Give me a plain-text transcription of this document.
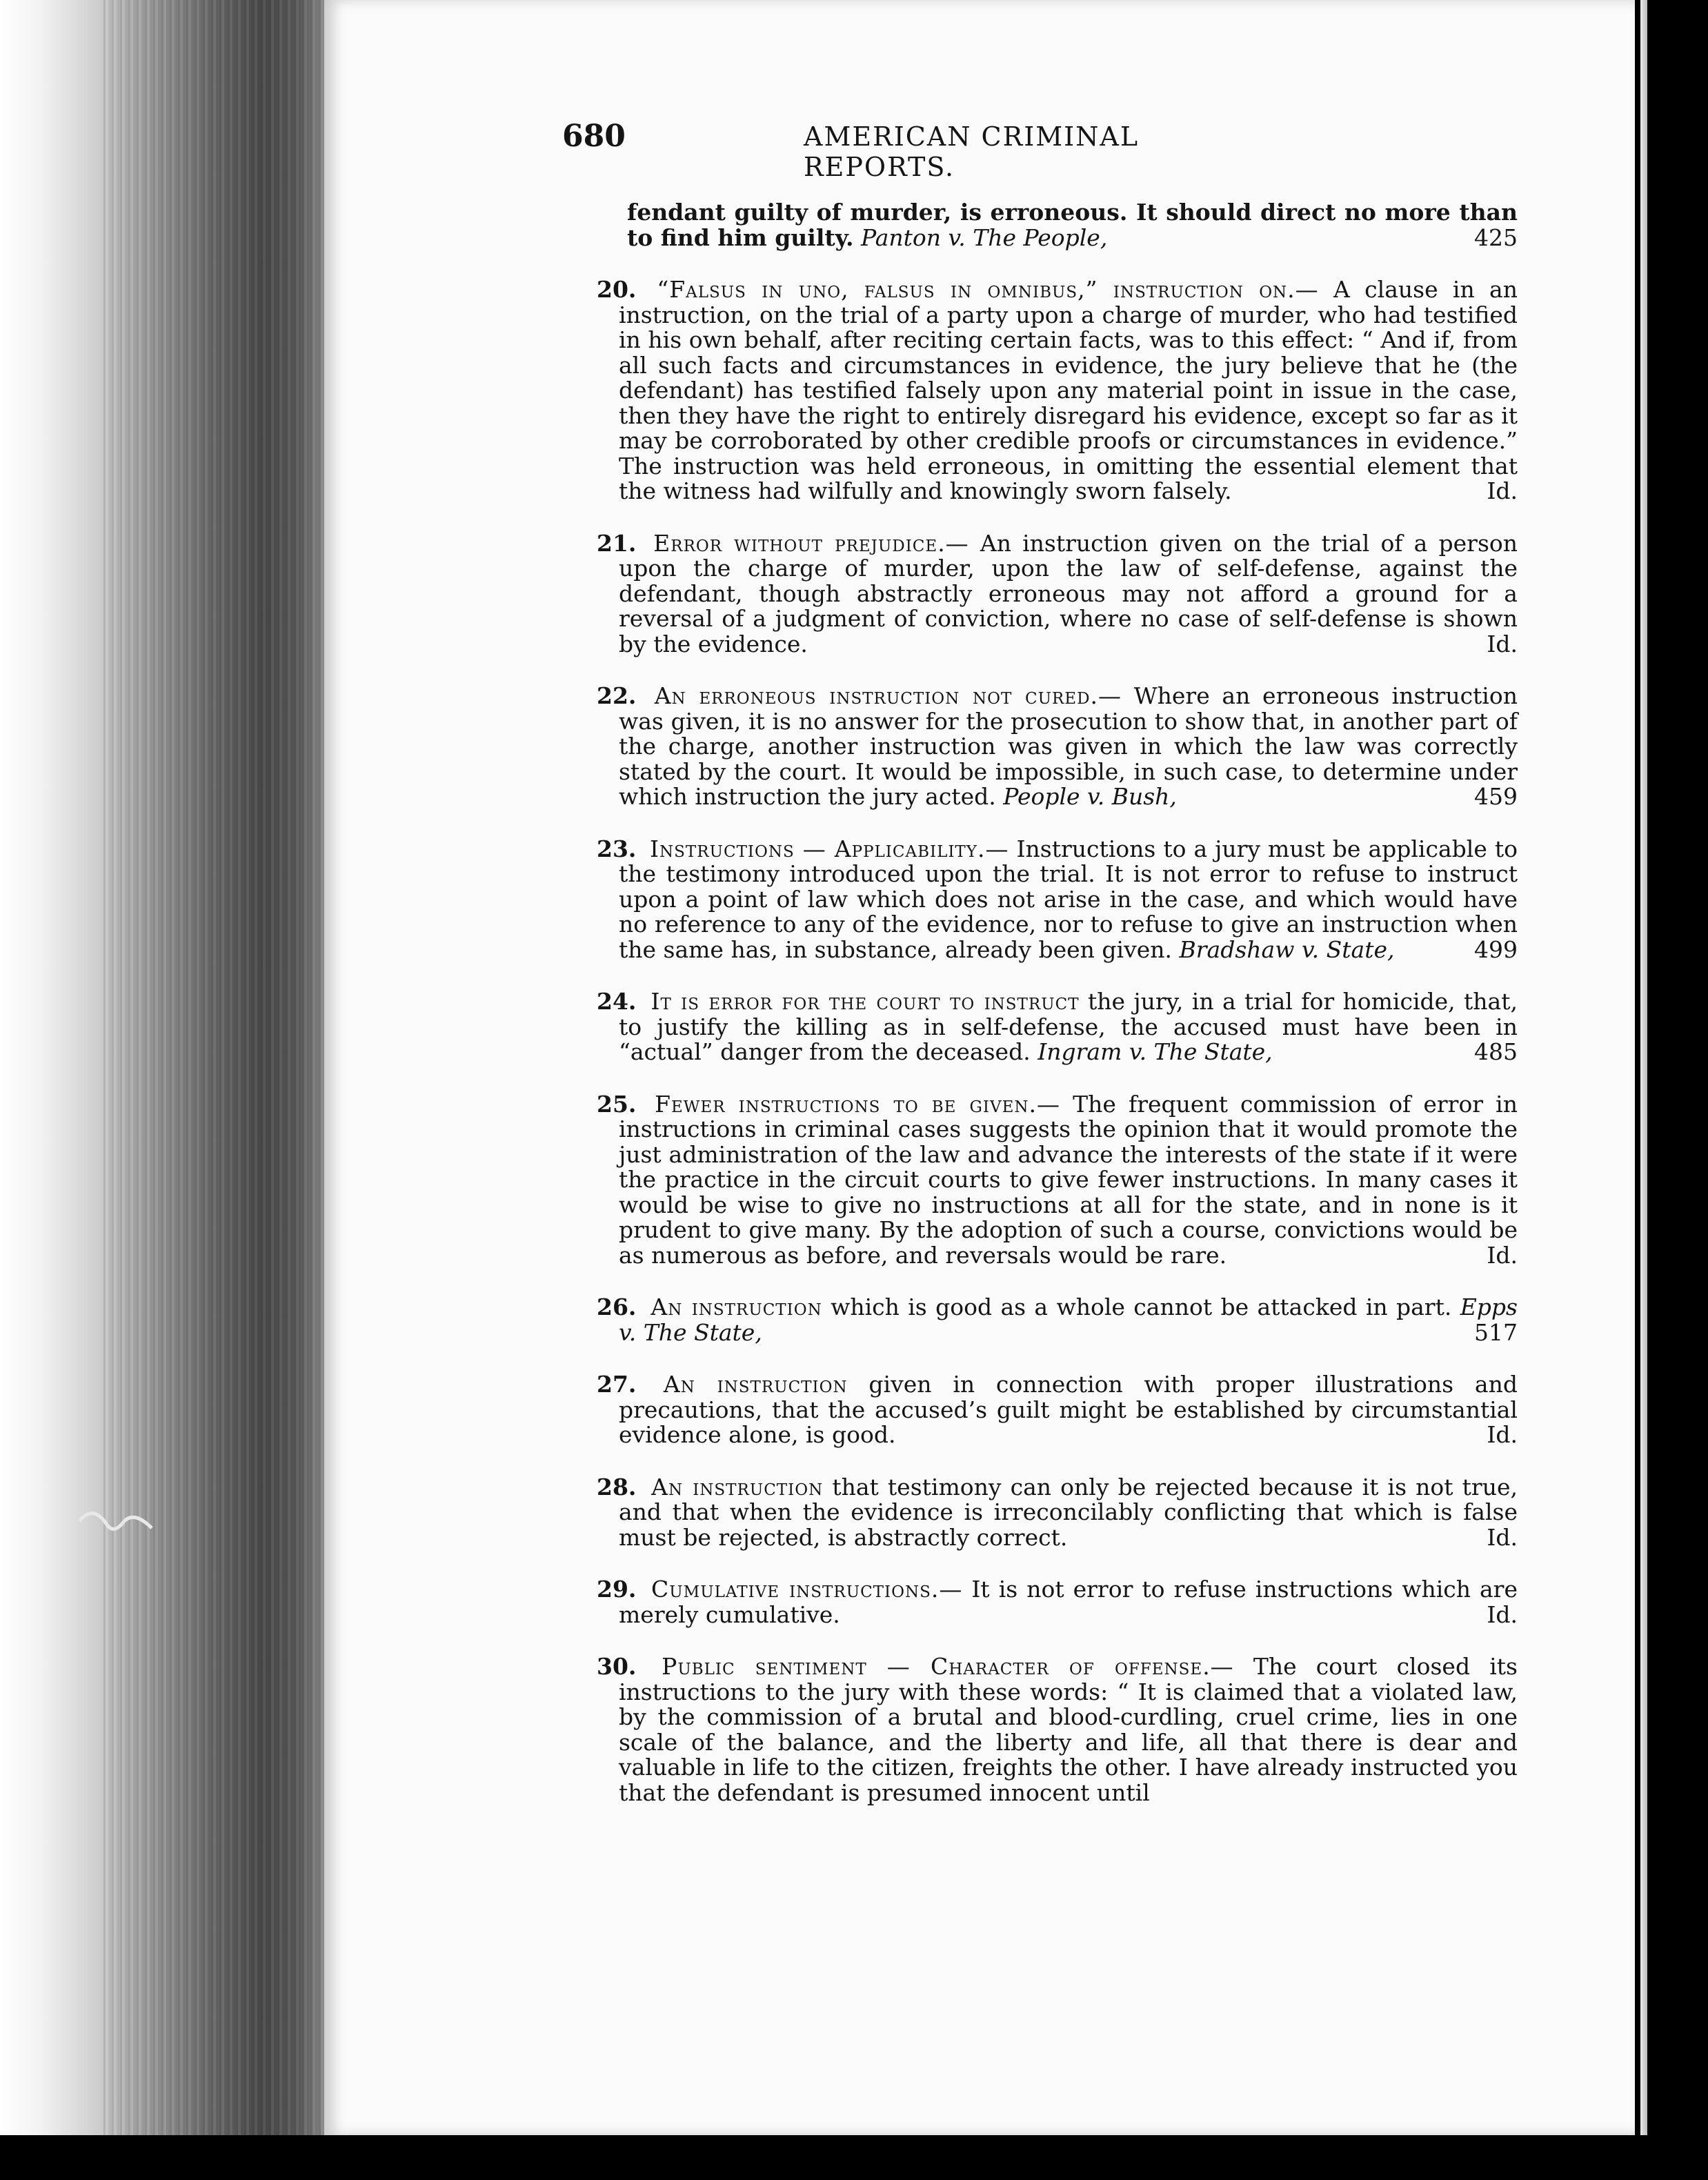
680	AMERICAN CRIMINAL REPORTS.
fendant guilty of murder, is erroneous. It should direct no more than to find him guilty. Panton v. The People,	425
20. “Falsus in uno, falsus in omnibus,” instruction on.— A clause in an instruction, on the trial of a party upon a charge of murder, who had testified in his own behalf, after reciting certain facts, was to this effect: “ And if, from all such facts and circumstances in evidence, the jury believe that he (the defendant) has testified falsely upon any material point in issue in the case, then they have the right to entirely disregard his evidence, except so far as it may be corroborated by other credible proofs or circumstances in evidence.” The instruction was held erroneous, in omitting the essential element that the witness had wilfully and knowingly sworn falsely.	Id.
21. Error without prejudice.— An instruction given on the trial of a person upon the charge of murder, upon the law of self-defense, against the defendant, though abstractly erroneous may not afford a ground for a reversal of a judgment of conviction, where no case of self-defense is shown by the evidence.	Id.
22. An erroneous instruction not cured.— Where an erroneous instruction was given, it is no answer for the prosecution to show that, in another part of the charge, another instruction was given in which the law was correctly stated by the court. It would be impossible, in such case, to determine under which instruction the jury acted. People v. Bush,	459
23. Instructions — Applicability.— Instructions to a jury must be applicable to the testimony introduced upon the trial. It is not error to refuse to instruct upon a point of law which does not arise in the case, and which would have no reference to any of the evidence, nor to refuse to give an instruction when the same has, in substance, already been given. Bradshaw v. State,	499
24. It is error for the court to instruct the jury, in a trial for homicide, that, to justify the killing as in self-defense, the accused must have been in “actual” danger from the deceased. Ingram v. The State,	485
25. Fewer instructions to be given.— The frequent commission of error in instructions in criminal cases suggests the opinion that it would promote the just administration of the law and advance the interests of the state if it were the practice in the circuit courts to give fewer instructions. In many cases it would be wise to give no instructions at all for the state, and in none is it prudent to give many. By the adoption of such a course, convictions would be as numerous as before, and reversals would be rare.	Id.
26. An instruction which is good as a whole cannot be attacked in part. Epps v. The State,	517
27. An instruction given in connection with proper illustrations and precautions, that the accused’s guilt might be established by circumstantial evidence alone, is good.	Id.
28. An instruction that testimony can only be rejected because it is not true, and that when the evidence is irreconcilably conflicting that which is false must be rejected, is abstractly correct.	Id.
29. Cumulative instructions.— It is not error to refuse instructions which are merely cumulative.	Id.
30. Public sentiment — Character of offense.— The court closed its instructions to the jury with these words: “ It is claimed that a violated law, by the commission of a brutal and blood-curdling, cruel crime, lies in one scale of the balance, and the liberty and life, all that there is dear and valuable in life to the citizen, freights the other. I have already instructed you that the defendant is presumed innocent until
